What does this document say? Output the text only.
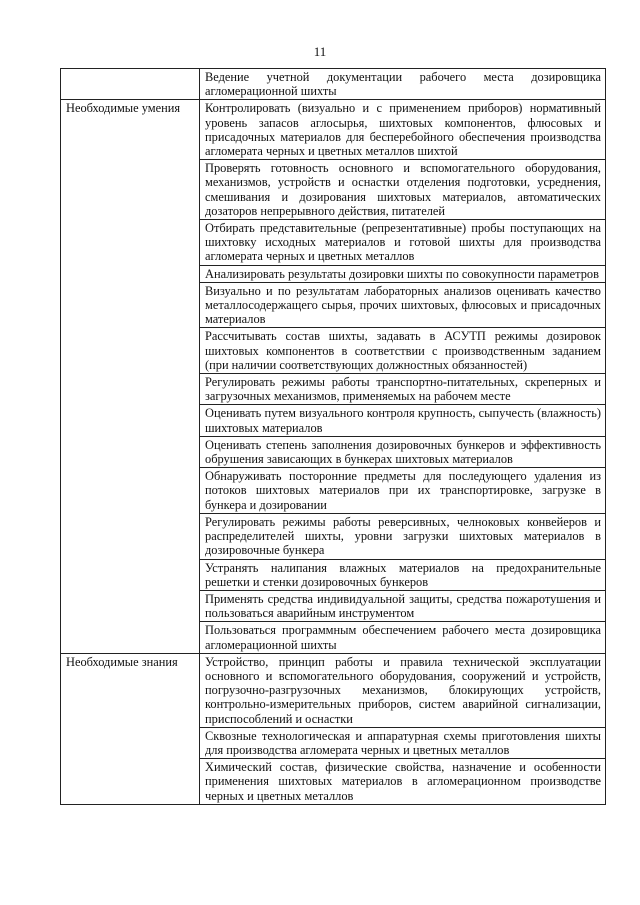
11
	Ведение учетной документации рабочего места дозировщика агломерационной шихты
Необходимые умения	Контролировать (визуально и с применением приборов) нормативный уровень запасов аглосырья, шихтовых компонентов, флюсовых и присадочных материалов для бесперебойного обеспечения производства агломерата черных и цветных металлов шихтой
	Проверять готовность основного и вспомогательного оборудования, механизмов, устройств и оснастки отделения подготовки, усреднения, смешивания и дозирования шихтовых материалов, автоматических дозаторов непрерывного действия, питателей
	Отбирать представительные (репрезентативные) пробы поступающих на шихтовку исходных материалов и готовой шихты для производства агломерата черных и цветных металлов
	Анализировать результаты дозировки шихты по совокупности параметров
	Визуально и по результатам лабораторных анализов оценивать качество металлосодержащего сырья, прочих шихтовых, флюсовых и присадочных материалов
	Рассчитывать состав шихты, задавать в АСУТП режимы дозировок шихтовых компонентов в соответствии с производственным заданием (при наличии соответствующих должностных обязанностей)
	Регулировать режимы работы транспортно-питательных, скреперных и загрузочных механизмов, применяемых на рабочем месте
	Оценивать путем визуального контроля крупность, сыпучесть (влажность) шихтовых материалов
	Оценивать степень заполнения дозировочных бункеров и эффективность обрушения зависающих в бункерах шихтовых материалов
	Обнаруживать посторонние предметы для последующего удаления из потоков шихтовых материалов при их транспортировке, загрузке в бункера и дозировании
	Регулировать режимы работы реверсивных, челноковых конвейеров и распределителей шихты, уровни загрузки шихтовых материалов в дозировочные бункера
	Устранять налипания влажных материалов на предохранительные решетки и стенки дозировочных бункеров
	Применять средства индивидуальной защиты, средства пожаротушения и пользоваться аварийным инструментом
	Пользоваться программным обеспечением рабочего места дозировщика агломерационной шихты
Необходимые знания	Устройство, принцип работы и правила технической эксплуатации основного и вспомогательного оборудования, сооружений и устройств, погрузочно-разгрузочных механизмов, блокирующих устройств, контрольно-измерительных приборов, систем аварийной сигнализации, приспособлений и оснастки
	Сквозные технологическая и аппаратурная схемы приготовления шихты для производства агломерата черных и цветных металлов
	Химический состав, физические свойства, назначение и особенности применения шихтовых материалов в агломерационном производстве черных и цветных металлов
